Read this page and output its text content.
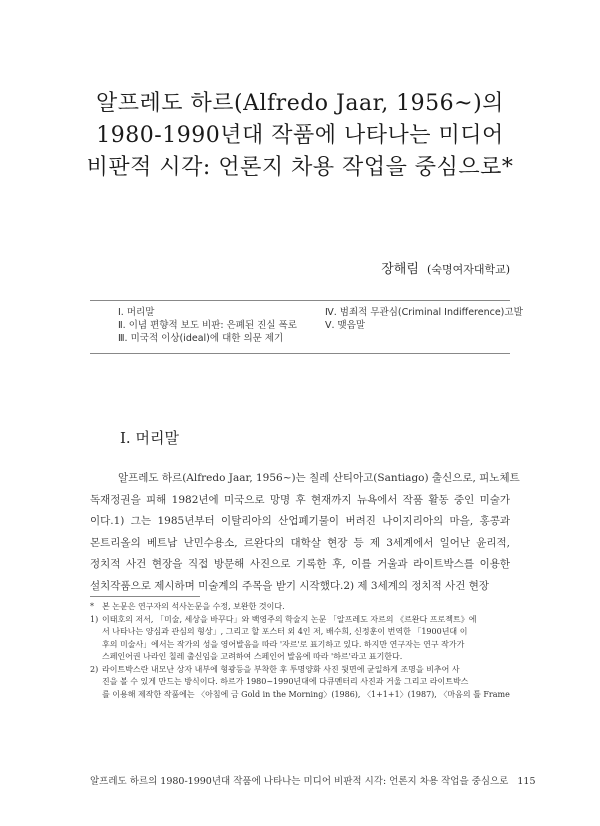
알프레도 하르(Alfredo Jaar, 1956~)의
1980-1990년대 작품에 나타나는 미디어
비판적 시각: 언론지 차용 작업을 중심으로*
장해림 (숙명여자대학교)
Ⅰ. 머리말
Ⅱ. 이념 편향적 보도 비판: 은폐된 진실 폭로
Ⅲ. 미국적 이상(ideal)에 대한 의문 제기
Ⅳ. 범죄적 무관심(Criminal Indifference)고발
Ⅴ. 맺음말
Ⅰ. 머리말
알프레도 하르(Alfredo Jaar, 1956~)는 칠레 산티아고(Santiago) 출신으로, 피노체트
독재정권을 피해 1982년에 미국으로 망명 후 현재까지 뉴욕에서 작품 활동 중인 미술가
이다.1) 그는 1985년부터 이탈리아의 산업폐기물이 버려진 나이지리아의 마을, 홍콩과
몬트리올의 베트남 난민수용소, 르완다의 대학살 현장 등 제 3세계에서 일어난 윤리적,
정치적 사건 현장을 직접 방문해 사진으로 기록한 후, 이를 거울과 라이트박스를 이용한
설치작품으로 제시하며 미술계의 주목을 받기 시작했다.2) 제 3세계의 정치적 사건 현장
* 본 논문은 연구자의 석사논문을 수정, 보완한 것이다.
1) 이태호의 저서, 「미술, 세상을 바꾸다」와 백영주의 학술지 논문 「알프레도 자르의 《르완다 프로젝트》에
서 나타나는 양심과 관심의 형상」, 그리고 할 포스터 외 4인 저, 배수희, 신정훈이 번역한 「1900년대 이
후의 미술사」에서는 작가의 성을 영어발음을 따라 '자르'로 표기하고 있다. 하지만 연구자는 연구 작가가
스페인어권 나라인 칠레 출신임을 고려하여 스페인어 발음에 따라 '하르'라고 표기한다.
2) 라이트박스란 내모난 상자 내부에 형광등을 부착한 후 투명양화 사진 뒷면에 균일하게 조명을 비추어 사
진을 볼 수 있게 만드는 방식이다. 하르가 1980~1990년대에 다큐멘터리 사진과 거울 그리고 라이트박스
를 이용해 제작한 작품에는 〈아침에 금 Gold in the Morning〉(1986), 〈1+1+1〉(1987), 〈마음의 틀 Frame
알프레도 하르의 1980-1990년대 작품에 나타나는 미디어 비판적 시각: 언론지 차용 작업을 중심으로 115
